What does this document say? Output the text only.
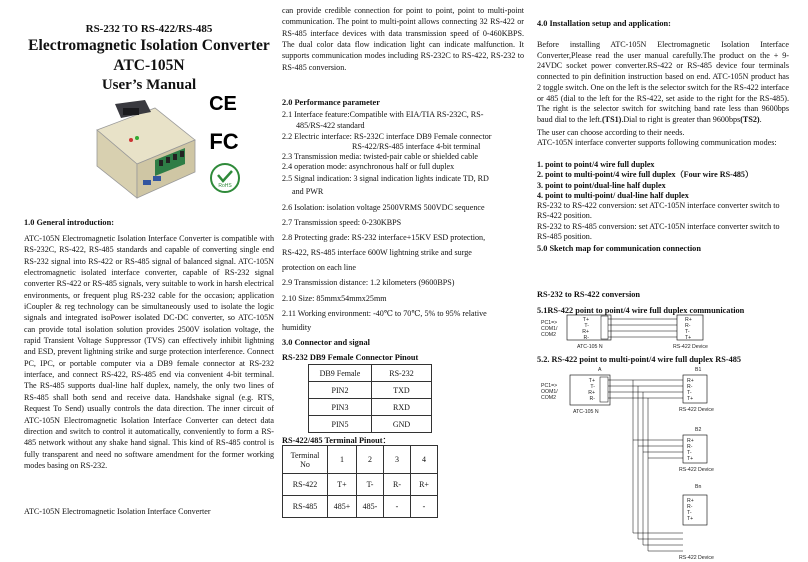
RS-232 TO RS-422/RS-485
Electromagnetic Isolation Converter
ATC-105N
User’s Manual
CE
FC
RoHS
1.0 General introduction:

ATC-105N Electromagnetic Isolation Interface Converter is compatible with RS-232C, RS-422, RS-485 standards and capable of converting single end RS-232 signal into RS-422 or RS-485 signal of balanced signal. ATC-105N electromagnetic isolated interface converter, capable of RS-232 signal converter RS-422 or RS-485 signals, very suitable to work in harsh electrical environments, or frequent plug RS-232 cable for the occasion; application iCoupler & reg technology can be simultaneously used to isolate the logic signals and integrated isoPower isolated DC-DC converter, so ATC-105N can provide total isolation solution provides 2500V isolation voltage, the rapid Transient Voltage Suppressor (TVS) can effectively inhibit lightning and ESD, prevent lightning strike and surge protection interference. Connect PC, IPC, or portable computer via a DB9 female connector at RS-232 interface, and connect RS-422, RS-485 end via convenient 4-bit terminal. The RS-485 supports dual-line half duplex, namely, the only two lines of RS-485 shall both send and receive data. Handshake signal (e.g. RTS, Request To Send) usually controls the data direction. The inner circuit of ATC-105N Electromagnetic Isolation Interface Converter can detect data direction and switch to control it automatically, conveniently to form a RS-485 network without any shake hand signal. This kind of RS-485 control is fully transparent and need no software amendment for the former working modes basing on RS-232.

ATC-105N Electromagnetic Isolation Interface Converter

can provide credible connection for point to point, point to multi-point communication. The point to multi-point allows connecting 32 RS-422 or RS-485 interface devices with data transmission speed of 0-460KBPS. The dual color data flow indication light can indicate malfunction. It supports communication modes including RS-232C to RS-422, RS-232 to RS-485 conversion.

2.0 Performance parameter
2.1 Interface feature:Compatible with EIA/TIA RS-232C, RS-
485/RS-422 standard
2.2 Electric interface: RS-232C interface DB9 Female connector
RS-422/RS-485 interface 4-bit terminal
2.3 Transmission media: twisted-pair cable or shielded cable
2.4 operation mode: asynchronous half or full duplex
2.5 Signal indication: 3 signal indication lights indicate TD, RD
and PWR
2.6 Isolation: isolation voltage 2500VRMS 500VDC sequence
2.7 Transmission speed: 0-230KBPS
2.8 Protecting grade: RS-232 interface+15KV ESD protection,
RS-422, RS-485 interface 600W lightning strike and surge
protection on each line
2.9 Transmission distance: 1.2 kilometers (9600BPS)
2.10 Size: 85mmx54mmx25mm
2.11 Working environment: -40℃ to 70℃, 5% to 95% relative
humidity
3.0 Connector and signal
RS-232 DB9 Female Connector Pinout
DB9 Female	RS-232
PIN2	TXD
PIN3	RXD
PIN5	GND
RS-422/485 Terminal Pinout：
Terminal
No	1	2	3	4
RS-422	T+	T-	R-	R+
RS-485	485+	485-	-	-
4.0 Installation setup and application:

Before installing ATC-105N Electromagnetic Isolation Interface Converter,Please read the user manual carefully.The product on the + 9-24VDC socket power converter.RS-422 or RS-485 device four terminals connected to pin definition instruction based on end. ATC-105N product has 2 toggle switch. One on the left is the selector switch for the RS-422 interface or 485 (dial to the left for the RS-422, set aside to the right for the RS-485). The right is the selector switch for switching band rate less than 9600bps baud dial to the left.(TS1).Dial to right is greater than 9600bps(TS2).

The user can choose according to their needs.

ATC-105N interface converter supports following communication modes:

1. point to point/4 wire full duplex
2. point to multi-point/4 wire full duplex（Four wire RS-485）
3. point to point/dual-line half duplex
4. point to multi-point/ dual-line half duplex

RS-232 to RS-422 conversion: set ATC-105N interface converter switch to RS-422 position.

RS-232 to RS-485 conversion: set ATC-105N interface converter switch to RS-485 position.

5.0 Sketch map for communication connection
RS-232 to RS-422 conversion
5.1RS-422 point to point/4 wire full duplex communication
PC1=>
COM1/
COM2
T+
T-
R+
R-
R+
R-
T-
T+
ATC-105 N	RS-422 Device
5.2. RS-422 point to multi-point/4 wire full duplex RS-485
PC1=>
OOM1/
COM2
A
T+
T-
R+
R-
ATC-105 N
B1
R+
R-
T-
T+
RS-422 Device
B2
R+
R-
T-
T+
RS-422 Device
Bn
R+
R-
T-
T+
RS-422 Device
